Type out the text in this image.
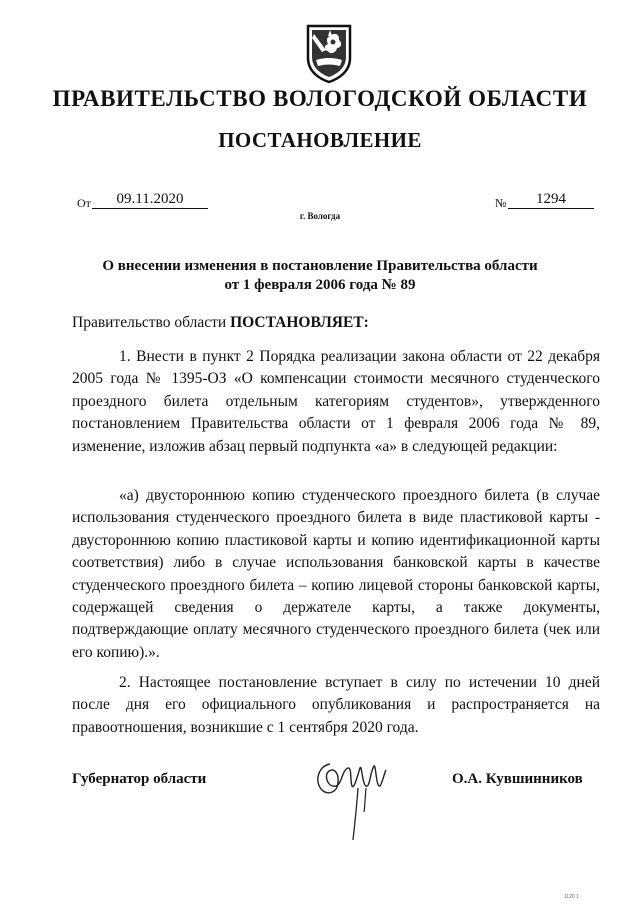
ПРАВИТЕЛЬСТВО ВОЛОГОДСКОЙ ОБЛАСТИ
ПОСТАНОВЛЕНИЕ
От	09.11.2020	№	1294
г. Вологда
О внесении изменения в постановление Правительства области
от 1 февраля 2006 года № 89
Правительство области ПОСТАНОВЛЯЕТ:
1. Внести в пункт 2 Порядка реализации закона области от 22 декабря 2005 года № 1395-ОЗ «О компенсации стоимости месячного студенческого проездного билета отдельным категориям студентов», утвержденного постановлением Правительства области от 1 февраля 2006 года № 89, изменение, изложив абзац первый подпункта «а» в следующей редакции:
«а) двустороннюю копию студенческого проездного билета (в случае использования студенческого проездного билета в виде пластиковой карты - двустороннюю копию пластиковой карты и копию идентификационной карты соответствия) либо в случае использования банковской карты в качестве студенческого проездного билета – копию лицевой стороны банковской карты, содержащей сведения о держателе карты, а также документы, подтверждающие оплату месячного студенческого проездного билета (чек или его копию).».
2. Настоящее постановление вступает в силу по истечении 10 дней после дня его официального опубликования и распространяется на правоотношения, возникшие с 1 сентября 2020 года.
Губернатор области	О.А. Кувшинников
1120 1
